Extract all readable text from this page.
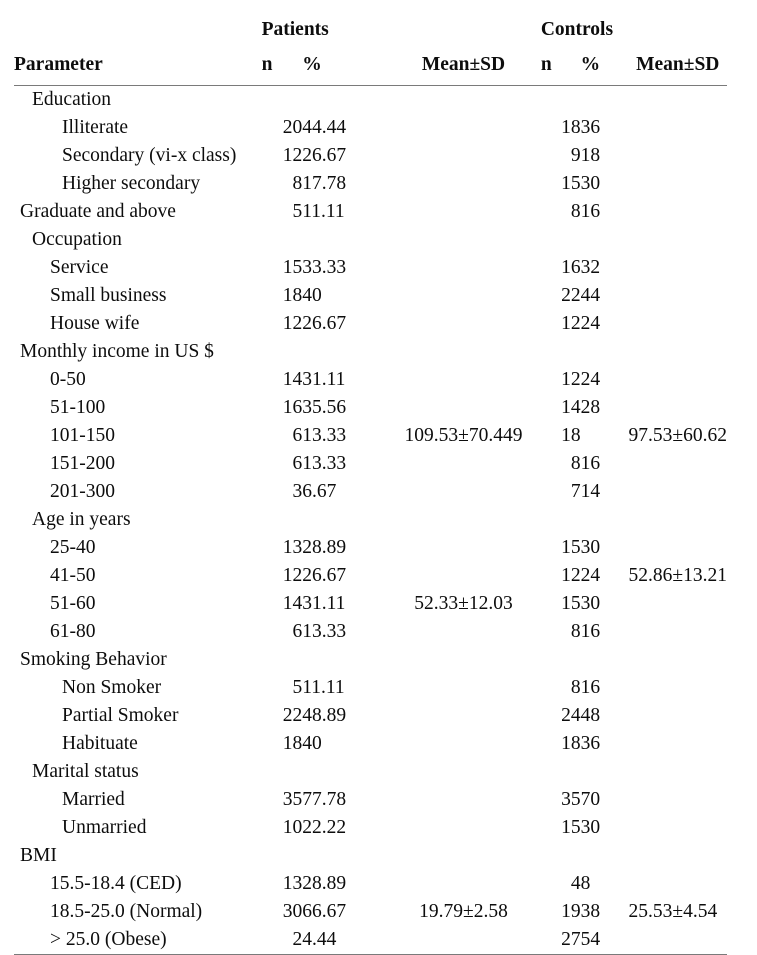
	Patients			Controls		
Parameter	n	%	Mean±SD	n	%	Mean±SD
Education						
Illiterate	20	44.44		18	36	
Secondary (vi-x class)	12	26.67		9	18	
Higher secondary	8	17.78		15	30	
Graduate and above	5	11.11		8	16	
Occupation						
Service	15	33.33		16	32	
Small business	18	40		22	44	
House wife	12	26.67		12	24	
Monthly income in US $						
0-50	14	31.11		12	24	
51-100	16	35.56		14	28	
101-150	6	13.33	109.53±70.449	18		97.53±60.62
151-200	6	13.33		8	16	
201-300	3	6.67		7	14	
Age in years						
25-40	13	28.89		15	30	
41-50	12	26.67		12	24	52.86±13.21
51-60	14	31.11	52.33±12.03	15	30	
61-80	6	13.33		8	16	
Smoking Behavior						
Non Smoker	5	11.11		8	16	
Partial Smoker	22	48.89		24	48	
Habituate	18	40		18	36	
Marital status						
Married	35	77.78		35	70	
Unmarried	10	22.22		15	30	
BMI						
15.5-18.4 (CED)	13	28.89		4	8	
18.5-25.0 (Normal)	30	66.67	19.79±2.58	19	38	25.53±4.54
> 25.0 (Obese)	2	4.44		27	54	
